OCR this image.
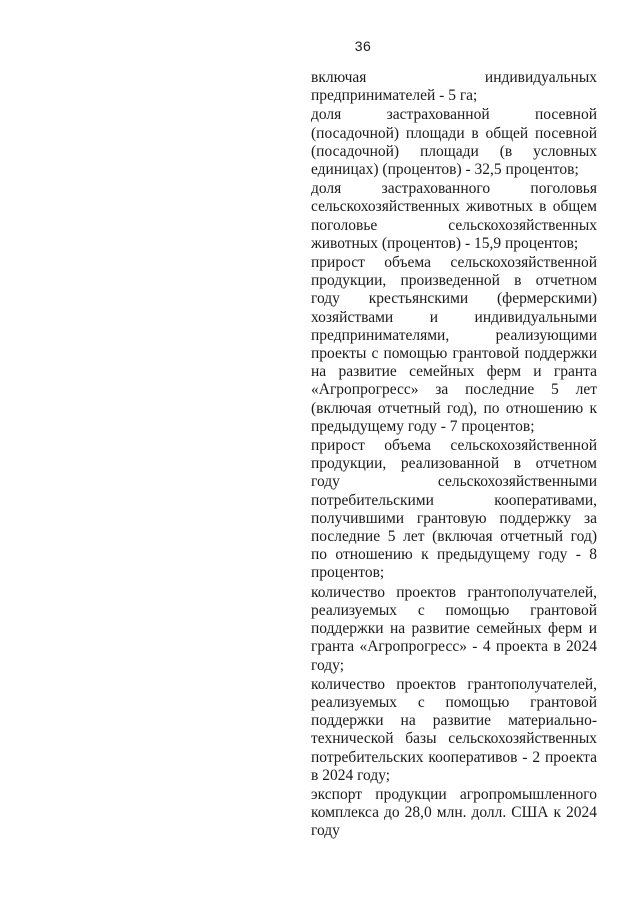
36

включая индивидуальных предпринимателей - 5 га;

доля застрахованной посевной (посадочной) площади в общей посевной (посадочной) площади (в условных единицах) (процентов) - 32,5 процентов;

доля застрахованного поголовья сельскохозяйственных животных в общем поголовье сельскохозяйственных животных (процентов) - 15,9 процентов;

прирост объема сельскохозяйственной продукции, произведенной в отчетном году крестьянскими (фермерскими) хозяйствами и индивидуальными предпринимателями, реализующими проекты с помощью грантовой поддержки на развитие семейных ферм и гранта «Агропрогресс» за последние 5 лет (включая отчетный год), по отношению к предыдущему году - 7 процентов;

прирост объема сельскохозяйственной продукции, реализованной в отчетном году сельскохозяйственными потребительскими кооперативами, получившими грантовую поддержку за последние 5 лет (включая отчетный год) по отношению к предыдущему году - 8 процентов;

количество проектов грантополучателей, реализуемых с помощью грантовой поддержки на развитие семейных ферм и гранта «Агропрогресс» - 4 проекта в 2024 году;

количество проектов грантополучателей, реализуемых с помощью грантовой поддержки на развитие материально-технической базы сельскохозяйственных потребительских кооперативов - 2 проекта в 2024 году;

экспорт продукции агропромышленного комплекса до 28,0 млн. долл. США к 2024 году
